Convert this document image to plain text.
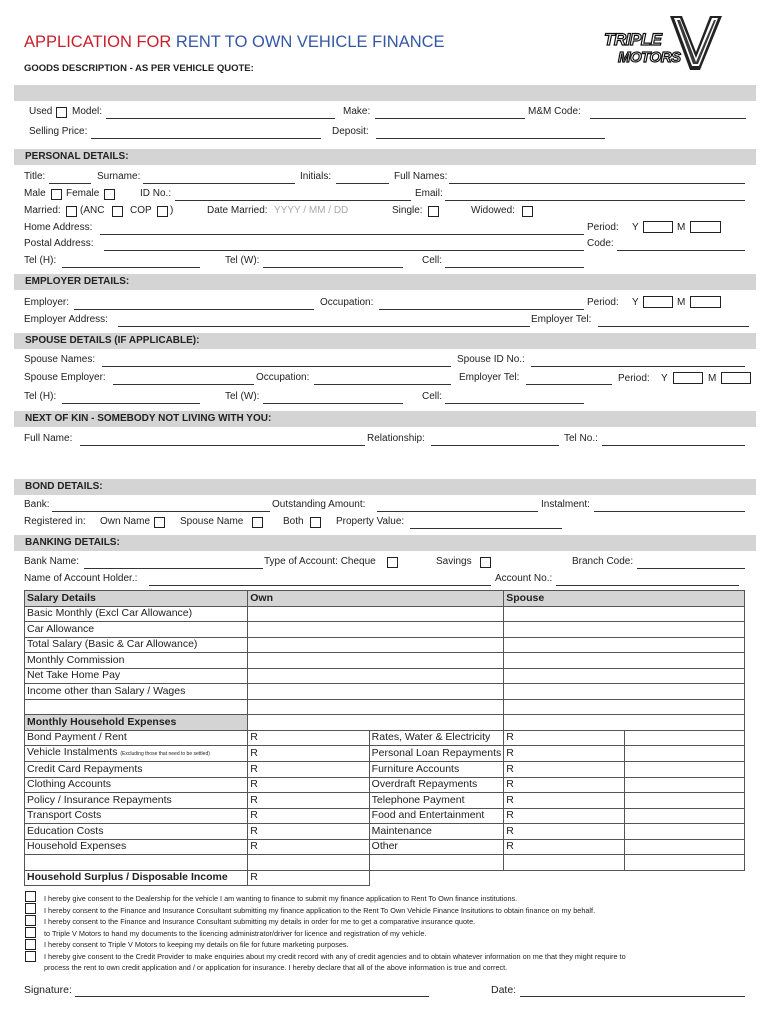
APPLICATION FOR RENT TO OWN VEHICLE FINANCE
GOODS DESCRIPTION - AS PER VEHICLE QUOTE:
TRIPLE
MOTORS
Used Model:	Make:	M&M Code:
Selling Price:	Deposit:
PERSONAL DETAILS:
Title:	Surname:	Initials:	Full Names:
Male Female	ID No.:	Email:
Married: (ANC	COP )	Date Married: YYYY / MM / DD	Single:	Widowed:
Home Address:	Period: Y	M
Postal Address:	Code:
Tel (H):	Tel (W):	Cell:
EMPLOYER DETAILS:
Employer:	Occupation:	Period: Y	M
Employer Address:	Employer Tel:
SPOUSE DETAILS (IF APPLICABLE):
Spouse Names:	Spouse ID No.:
Spouse Employer:	Occupation:	Employer Tel:	Period: Y	M
Tel (H):	Tel (W):	Cell:
NEXT OF KIN - SOMEBODY NOT LIVING WITH YOU:
Full Name:	Relationship:	Tel No.:
BOND DETAILS:
Bank:	Outstanding Amount:	Instalment:
Registered in: Own Name	Spouse Name	Both	Property Value:
BANKING DETAILS:
Bank Name:	Type of Account: Cheque	Savings	Branch Code:
Name of Account Holder.:	Account No.:
Salary Details	Own		Spouse	
Basic Monthly (Excl Car Allowance)				
Car Allowance				
Total Salary (Basic & Car Allowance)				
Monthly Commission				
Net Take Home Pay				
Income other than Salary / Wages				

Monthly Household Expenses				
Bond Payment / Rent	R	Rates, Water & Electricity	R	
Vehicle Instalments (Excluding those that need to be settled)	R	Personal Loan Repayments	R	
Credit Card Repayments	R	Furniture Accounts	R	
Clothing Accounts	R	Overdraft Repayments	R	
Policy / Insurance Repayments	R	Telephone Payment	R	
Transport Costs	R	Food and Entertainment	R	
Education Costs	R	Maintenance	R	
Household Expenses	R	Other	R	

Household Surplus / Disposable Income	R			
I hereby give consent to the Dealership for the vehicle I am wanting to finance to submit my finance application to Rent To Own finance institutions.
I hereby consent to the Finance and Insurance Consultant submitting my finance application to the Rent To Own Vehicle Finance Insitutions to obtain finance on my behalf.
I hereby consent to the Finance and Insurance Consultant submitting my details in order for me to get a comparative insurance quote.
to Triple V Motors to hand my documents to the licencing administrator/driver for licence and registration of my vehicle.
I hereby consent to Triple V Motors to keeping my details on file for future marketing purposes.
I hereby give consent to the Credit Provider to make enquiries about my credit record with any of credit agencies and to obtain whatever information on me that they might require to
process the rent to own credit application and / or application for insurance. I hereby declare that all of the above information is true and correct.
Signature:	Date:
